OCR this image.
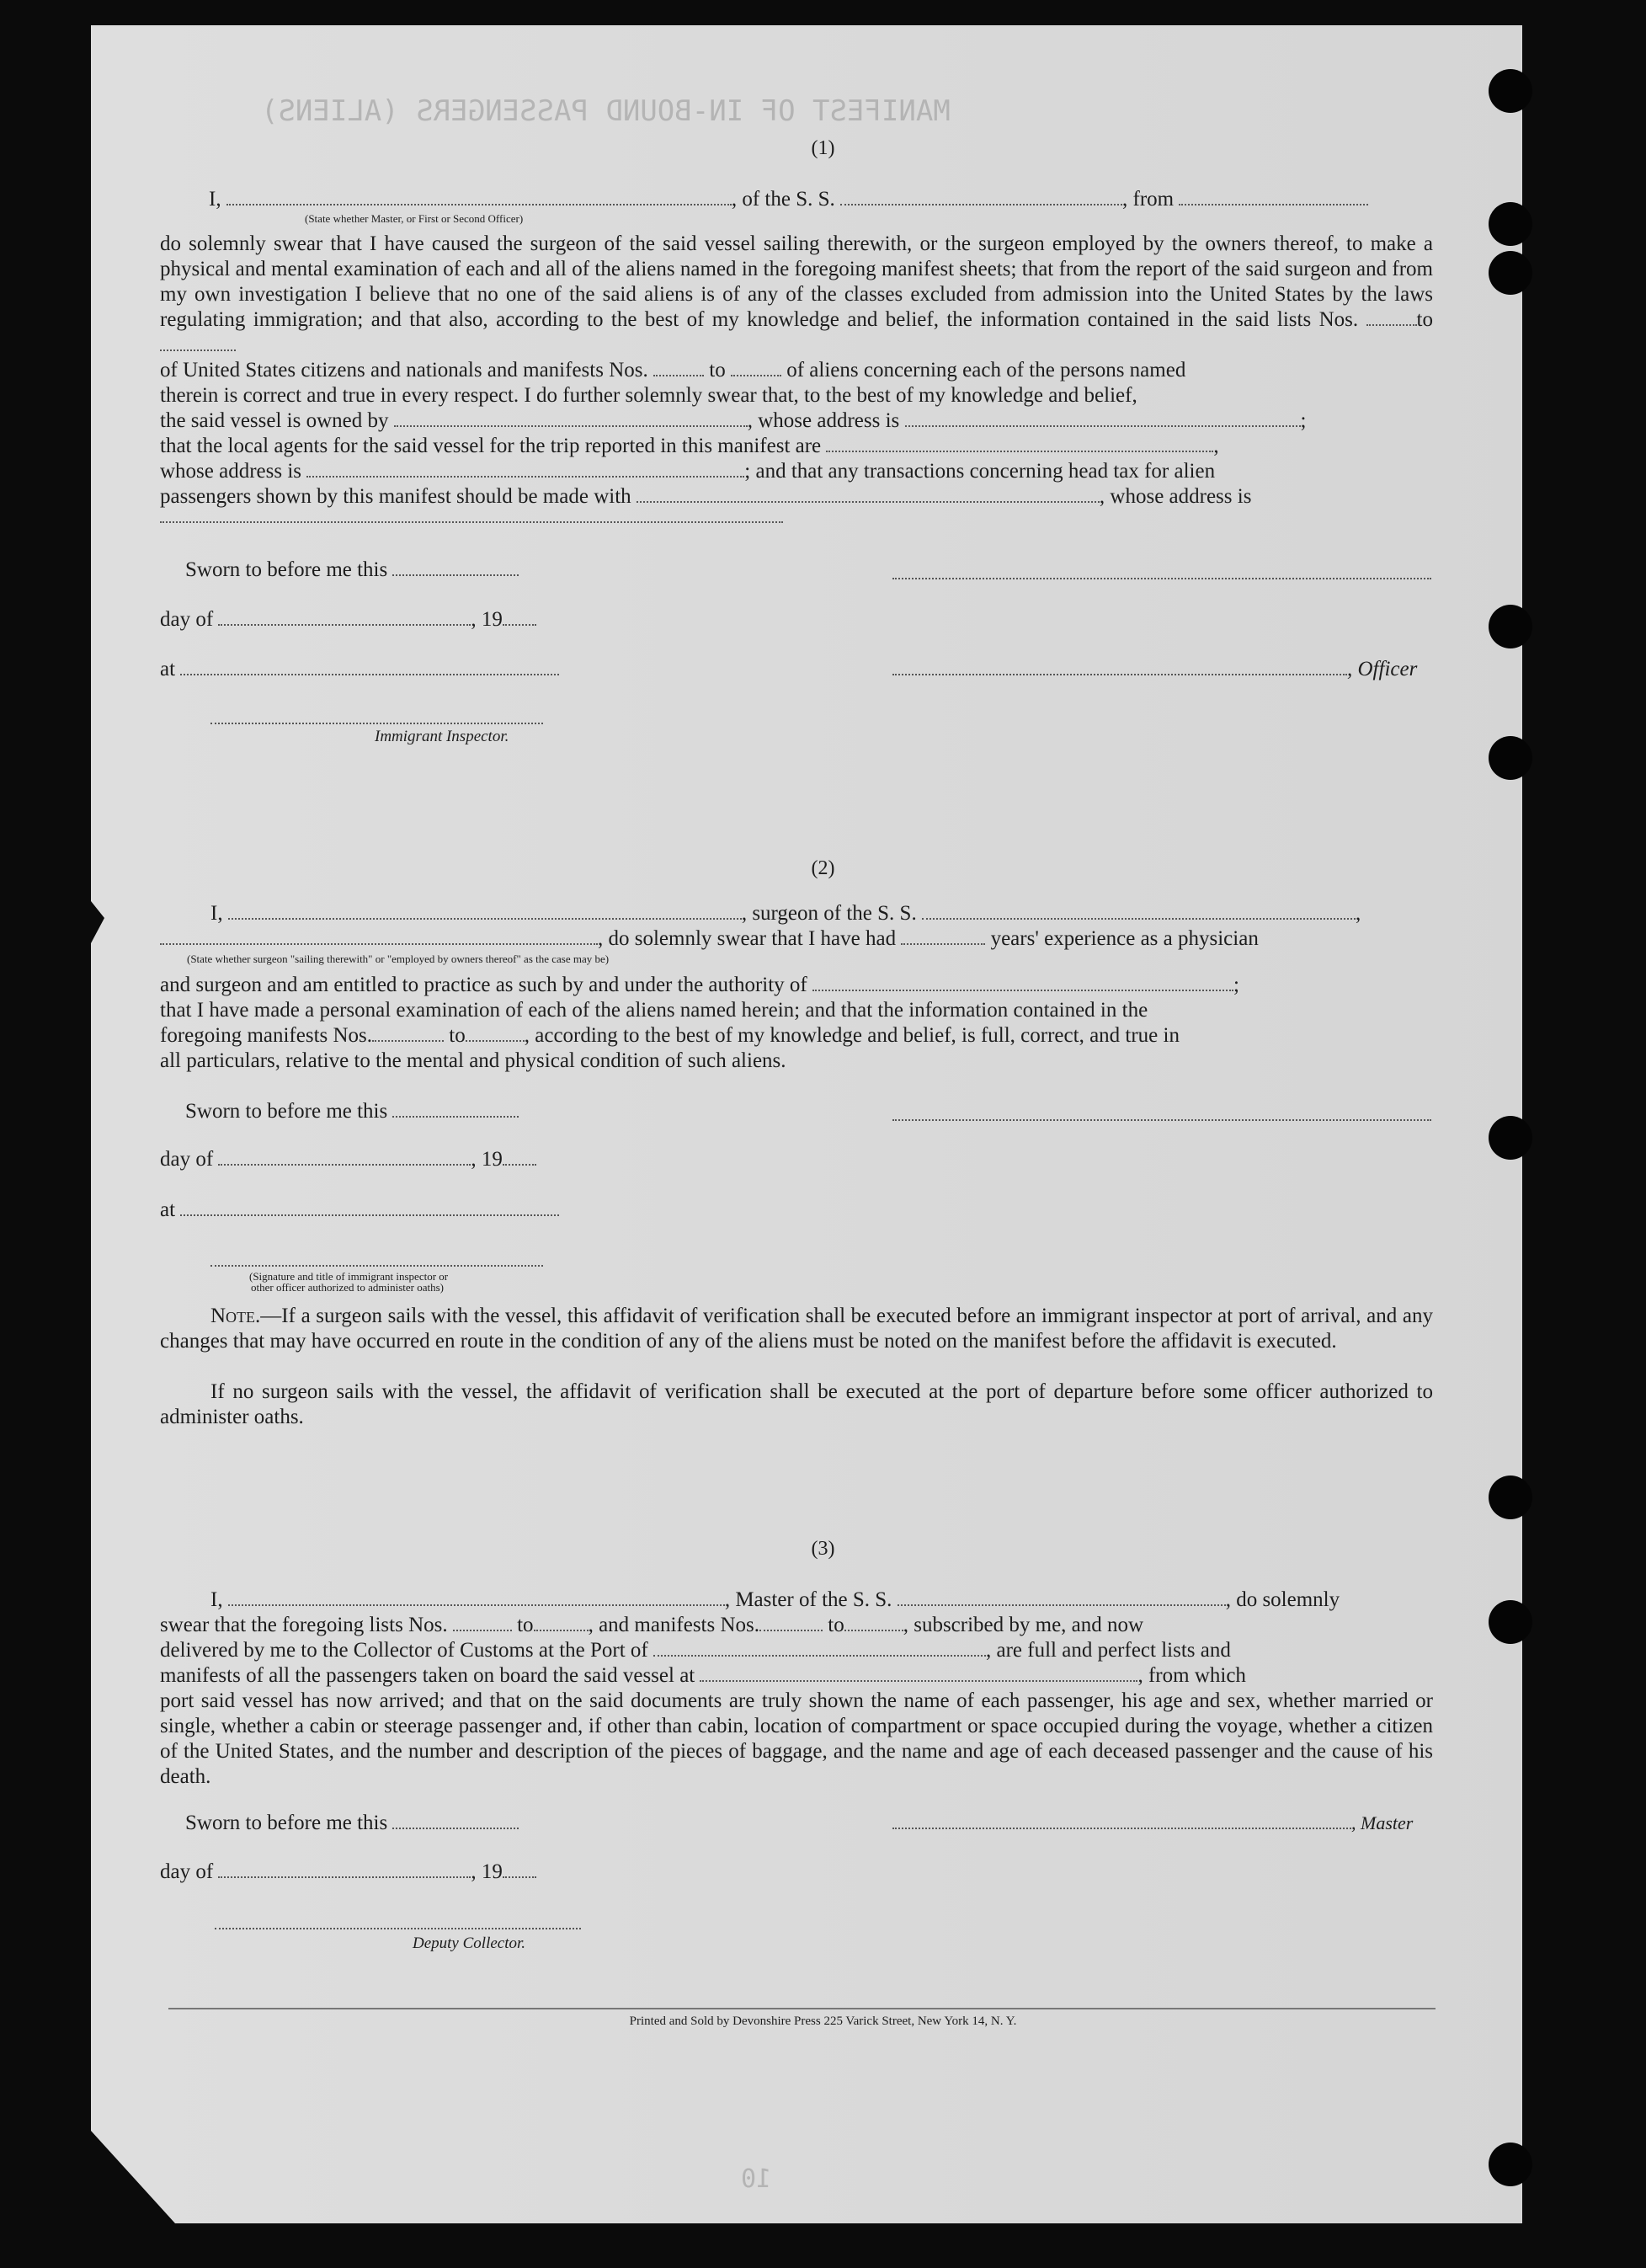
MANIFEST OF IN-BOUND PASSENGERS (ALIENS)
10
(1)
I,	, of the S. S.	, from
(State whether Master, or First or Second Officer)

do solemnly swear that I have caused the surgeon of the said vessel sailing therewith, or the surgeon employed by the owners thereof, to make a physical and mental examination of each and all of the aliens named in the foregoing manifest sheets; that from the report of the said surgeon and from my own investigation I believe that no one of the said aliens is of any of the classes excluded from admission into the United States by the laws regulating immigration; and that also, according to the best of my knowledge and belief, the information contained in the said lists Nos.	to

of United States citizens and nationals and manifests Nos.	to	of aliens concerning each of the persons named
therein is correct and true in every respect. I do further solemnly swear that, to the best of my knowledge and belief,
the said vessel is owned by	, whose address is	;
that the local agents for the said vessel for the trip reported in this manifest are	,
whose address is	; and that any transactions concerning head tax for alien
passengers shown by this manifest should be made with	, whose address is
Sworn to before me this
day of	, 19
at	, Officer
Immigrant Inspector.
(2)
I,	, surgeon of the S. S.	,
, do solemnly swear that I have had	years' experience as a physician
(State whether surgeon "sailing therewith" or "employed by owners thereof" as the case may be)
and surgeon and am entitled to practice as such by and under the authority of	;
that I have made a personal examination of each of the aliens named herein; and that the information contained in the
foregoing manifests Nos.	to	, according to the best of my knowledge and belief, is full, correct, and true in
all particulars, relative to the mental and physical condition of such aliens.
Sworn to before me this
day of	, 19
at
(Signature and title of immigrant inspector or
other officer authorized to administer oaths)

Note.—If a surgeon sails with the vessel, this affidavit of verification shall be executed before an immigrant inspector at port of arrival, and any changes that may have occurred en route in the condition of any of the aliens must be noted on the manifest before the affidavit is executed.

If no surgeon sails with the vessel, the affidavit of verification shall be executed at the port of departure before some officer authorized to administer oaths.

(3)
I,	, Master of the S. S.	, do solemnly
swear that the foregoing lists Nos.	to	, and manifests Nos.	to	, subscribed by me, and now
delivered by me to the Collector of Customs at the Port of	, are full and perfect lists and
manifests of all the passengers taken on board the said vessel at	, from which

port said vessel has now arrived; and that on the said documents are truly shown the name of each passenger, his age and sex, whether married or single, whether a cabin or steerage passenger and, if other than cabin, location of compartment or space occupied during the voyage, whether a citizen of the United States, and the number and description of the pieces of baggage, and the name and age of each deceased passenger and the cause of his death.

Sworn to before me this	, Master
day of	, 19
Deputy Collector.
Printed and Sold by Devonshire Press 225 Varick Street, New York 14, N. Y.
